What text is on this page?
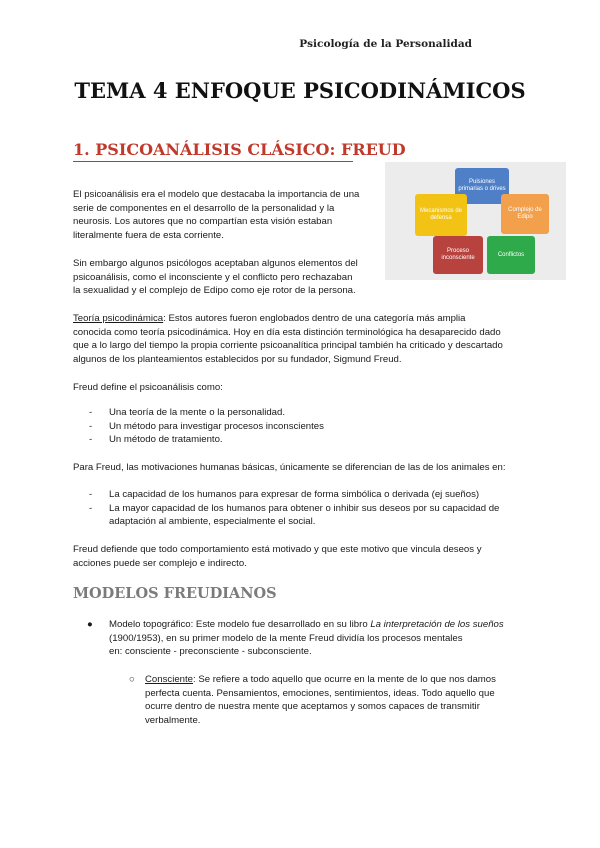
Psicología de la Personalidad
TEMA 4 ENFOQUE PSICODINÁMICOS
1. PSICOANÁLISIS CLÁSICO: FREUD
Pulsiones primarias o drives
Mecanismos de defensa
Complejo de Edipo
Proceso inconsciente
Conflictos
El psicoanálisis era el modelo que destacaba la importancia de una
serie de componentes en el desarrollo de la personalidad y la
neurosis. Los autores que no compartían esta visión estaban
literalmente fuera de esta corriente.
Sin embargo algunos psicólogos aceptaban algunos elementos del
psicoanálisis, como el inconsciente y el conflicto pero rechazaban
la sexualidad y el complejo de Edipo como eje rotor de la persona.
Teoría psicodinámica: Estos autores fueron englobados dentro de una categoría más amplia
conocida como teoría psicodinámica. Hoy en día esta distinción terminológica ha desaparecido dado
que a lo largo del tiempo la propia corriente psicoanalítica principal también ha criticado y descartado
algunos de los planteamientos establecidos por su fundador, Sigmund Freud.
Freud define el psicoanálisis como:
- Una teoría de la mente o la personalidad.
- Un método para investigar procesos inconscientes
- Un método de tratamiento.
Para Freud, las motivaciones humanas básicas, únicamente se diferencian de las de los animales en:
- La capacidad de los humanos para expresar de forma simbólica o derivada (ej sueños)
- La mayor capacidad de los humanos para obtener o inhibir sus deseos por su capacidad de
adaptación al ambiente, especialmente el social.
Freud defiende que todo comportamiento está motivado y que este motivo que vincula deseos y
acciones puede ser complejo e indirecto.
MODELOS FREUDIANOS
● Modelo topográfico: Este modelo fue desarrollado en su libro La interpretación de los sueños (1900/1953), en su primer modelo de la mente Freud dividía los procesos mentales
en: consciente - preconsciente - subconsciente.
○ Consciente: Se refiere a todo aquello que ocurre en la mente de lo que nos damos
perfecta cuenta. Pensamientos, emociones, sentimientos, ideas. Todo aquello que
ocurre dentro de nuestra mente que aceptamos y somos capaces de transmitir
verbalmente.
